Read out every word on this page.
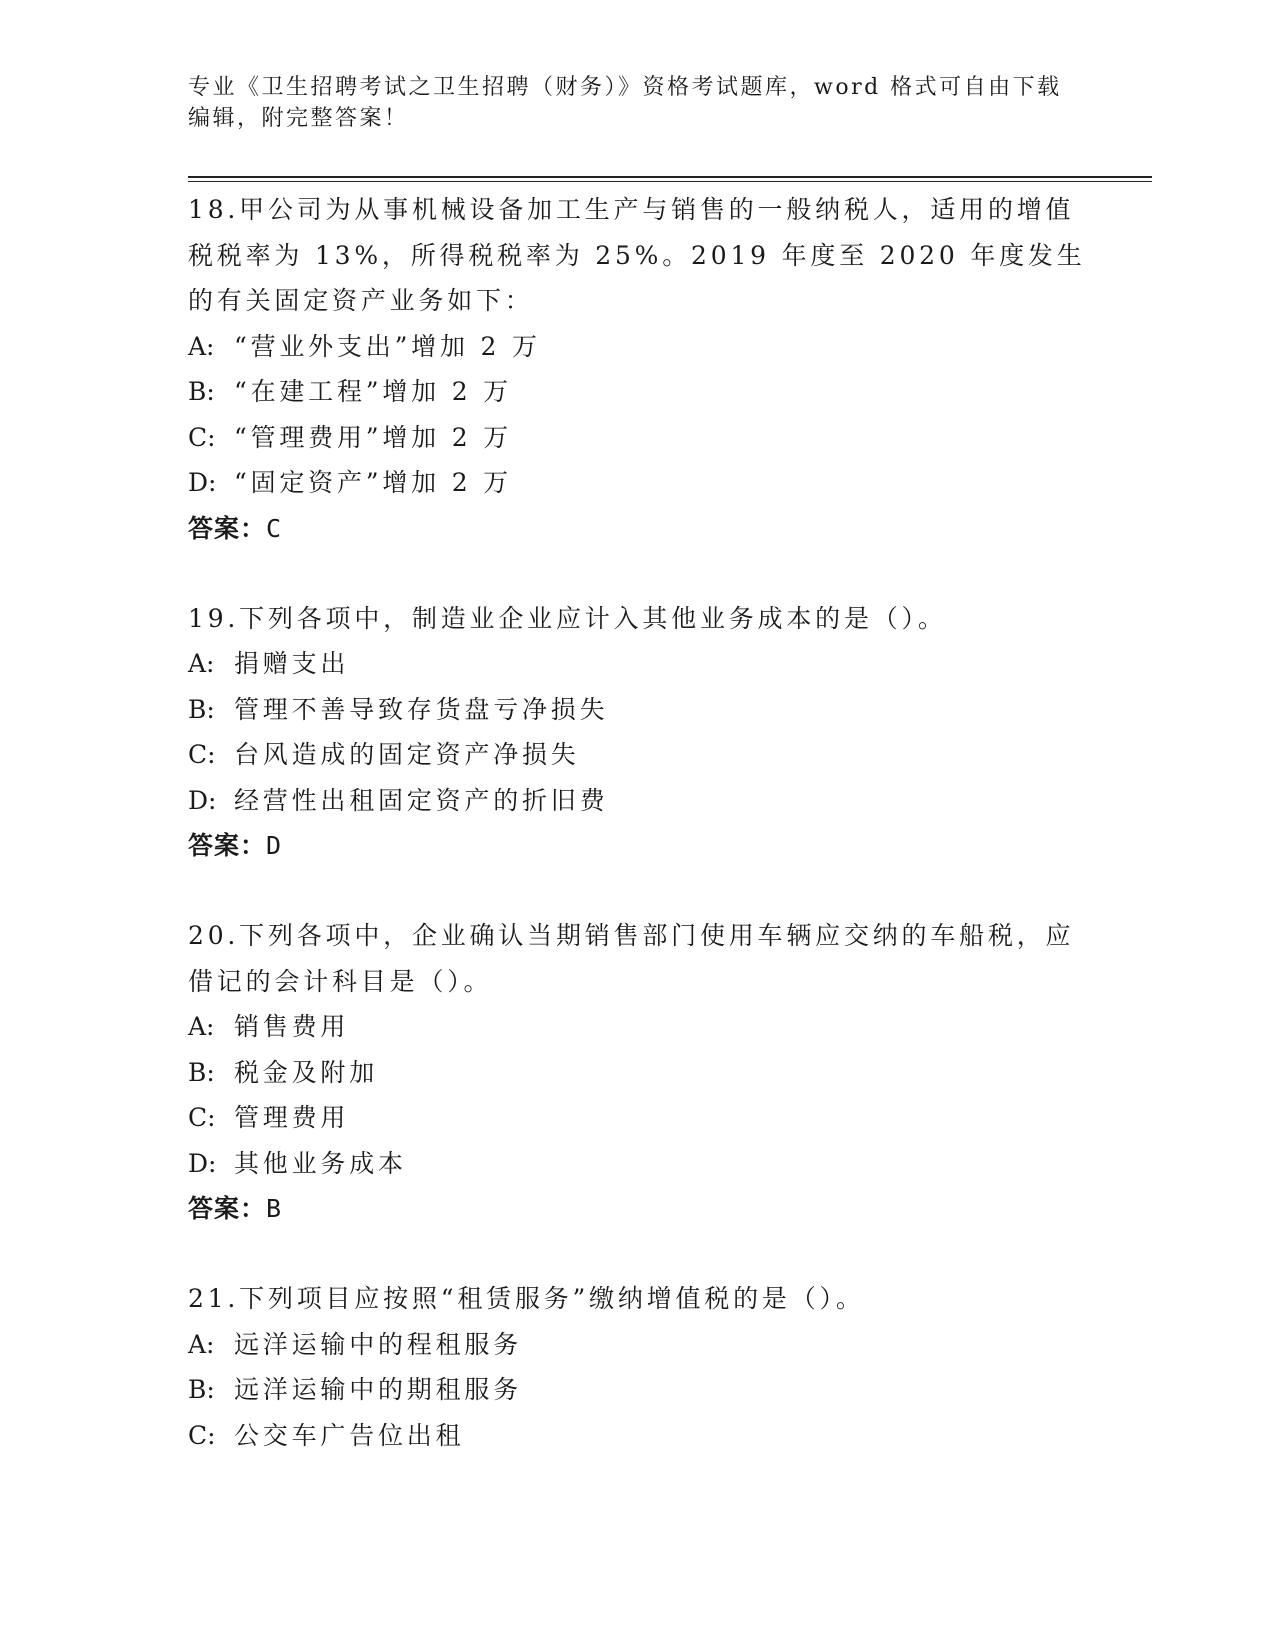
专业《卫生招聘考试之卫生招聘（财务）》资格考试题库，word 格式可自由下载编辑，附完整答案！

18.甲公司为从事机械设备加工生产与销售的一般纳税人，适用的增值税税率为 13%，所得税税率为 25%。2019 年度至 2020 年度发生的有关固定资产业务如下：

A: “营业外支出”增加 2 万

B: “在建工程”增加 2 万

C: “管理费用”增加 2 万

D: “固定资产”增加 2 万

答案：C

19.下列各项中，制造业企业应计入其他业务成本的是（）。

A: 捐赠支出

B: 管理不善导致存货盘亏净损失

C: 台风造成的固定资产净损失

D: 经营性出租固定资产的折旧费

答案：D

20.下列各项中，企业确认当期销售部门使用车辆应交纳的车船税，应借记的会计科目是（）。

A: 销售费用

B: 税金及附加

C: 管理费用

D: 其他业务成本

答案：B

21.下列项目应按照“租赁服务”缴纳增值税的是（）。

A: 远洋运输中的程租服务

B: 远洋运输中的期租服务

C: 公交车广告位出租
